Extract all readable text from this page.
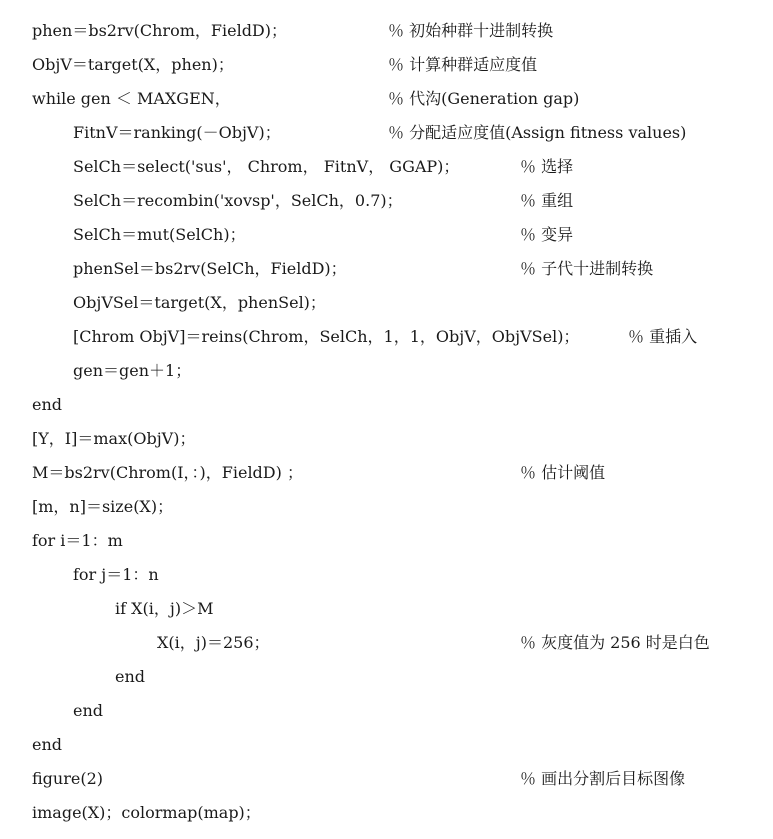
phen＝bs2rv(Chrom，FieldD)；	％ 初始种群十进制转换
ObjV＝target(X，phen)；	％ 计算种群适应度值
while gen ＜ MAXGEN，	％ 代沟(Generation gap)
FitnV＝ranking(－ObjV)；	％ 分配适应度值(Assign fitness values)
SelCh＝select('sus'， Chrom， FitnV， GGAP)；	％ 选择
SelCh＝recombin('xovsp'，SelCh，0.7)；	％ 重组
SelCh＝mut(SelCh)；	％ 变异
phenSel＝bs2rv(SelCh，FieldD)；	％ 子代十进制转换
ObjVSel＝target(X，phenSel)；
[Chrom ObjV]＝reins(Chrom，SelCh，1，1，ObjV，ObjVSel)；	％ 重插入
gen＝gen＋1；
end
[Y，I]＝max(ObjV)；
M＝bs2rv(Chrom(I，：)，FieldD) ；	％ 估计阈值
[m，n]＝size(X)；
for i＝1：m
for j＝1：n
if X(i，j)＞M
X(i，j)＝256；	％ 灰度值为 256 时是白色
end
end
end
figure(2)	％ 画出分割后目标图像
image(X)；colormap(map)；
